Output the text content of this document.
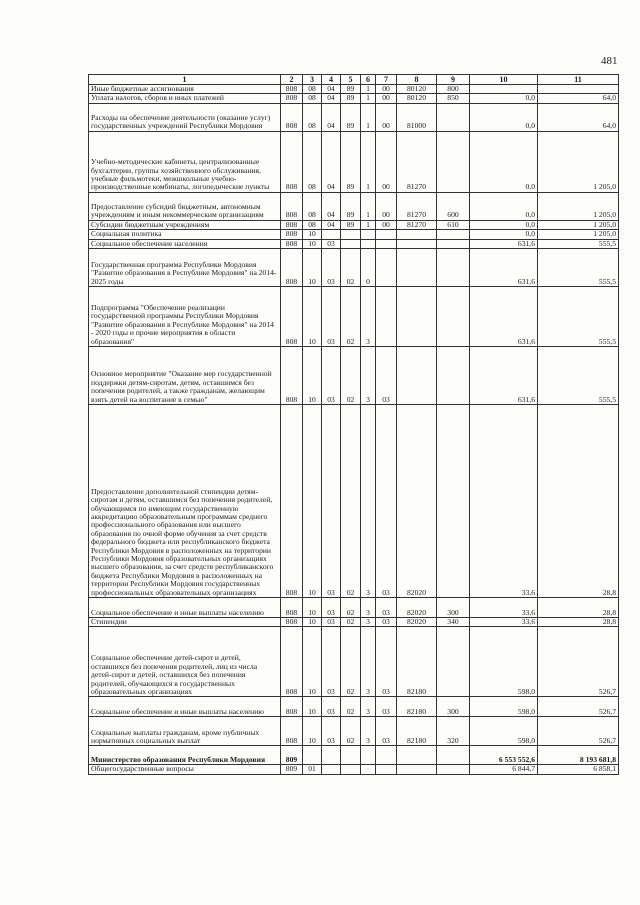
481
1	2	3	4	5	6	7	8	9	10	11
Иные бюджетные ассигнования	808	08	04	89	1	00	80120	800		
Уплата налогов, сборов и иных платежей	808	08	04	89	1	00	80120	850	0,0	64,0
Расходы на обеспечение деятельности (оказание услуг) государственных учреждений Республики Мордовия	808	08	04	89	1	00	81000		0,0	64,0
Учебно-методические кабинеты, централизованные бухгалтерии, группы хозяйственного обслуживания, учебные фильмотеки, межшкольные учебно-производственные комбинаты, логопедические пункты	808	08	04	89	1	00	81270		0,0	1 205,0
Предоставление субсидий бюджетным, автономным учреждениям и иным некоммерческим организациям	808	08	04	89	1	00	81270	600	0,0	1 205,0
Субсидии бюджетным учреждениям	808	08	04	89	1	00	81270	610	0,0	1 205,0
Социальная политика	808	10							0,0	1 205,0
Социальное обеспечение населения	808	10	03						631,6	555,5
Государственная программа Республики Мордовия "Развитие образования в Республике Мордовия" на 2014-2025 годы	808	10	03	02	0				631,6	555,5
Подпрограмма "Обеспечение реализации государственной программы Республики Мордовия "Развитие образования в Республике Мордовия" на 2014 - 2020 годы и прочие мероприятия в области образования"	808	10	03	02	3				631,6	555,5
Основное мероприятие "Оказание мер государственной поддержки детям-сиротам, детям, оставшимся без попечения родителей, а также гражданам, желающим взять детей на воспитание в семью"	808	10	03	02	3	03			631,6	555,5
Предоставление дополнительной стипендии детям-сиротам и детям, оставшимся без попечения родителей, обучающимся по имеющим государственную аккредитацию образовательным программам среднего профессионального образования или высшего образования по очной форме обучения за счет средств федерального бюджета или республиканского бюджета Республики Мордовия в расположенных на территории Республики Мордовия образовательных организациях высшего образования, за счет средств республиканского бюджета Республики Мордовия в расположенных на территории Республики Мордовия государственных профессиональных образовательных организациях	808	10	03	02	3	03	82020		33,6	28,8
Социальное обеспечение и иные выплаты населению	808	10	03	02	3	03	82020	300	33,6	28,8
Стипендии	808	10	03	02	3	03	82020	340	33,6	28,8
Социальное обеспечение детей-сирот и детей, оставшихся без попечения родителей, лиц из числа детей-сирот и детей, оставшихся без попечения родителей, обучающихся в государственных образовательных организациях	808	10	03	02	3	03	82180		598,0	526,7
Социальное обеспечение и иные выплаты населению	808	10	03	02	3	03	82180	300	598,0	526,7
Социальные выплаты гражданам, кроме публичных нормативных социальных выплат	808	10	03	02	3	03	82180	320	598,0	526,7
Министерство образования Республики Мордовия	809								6 553 552,6	8 193 681,8
Общегосударственные вопросы	809	01							6 844,7	6 858,1
